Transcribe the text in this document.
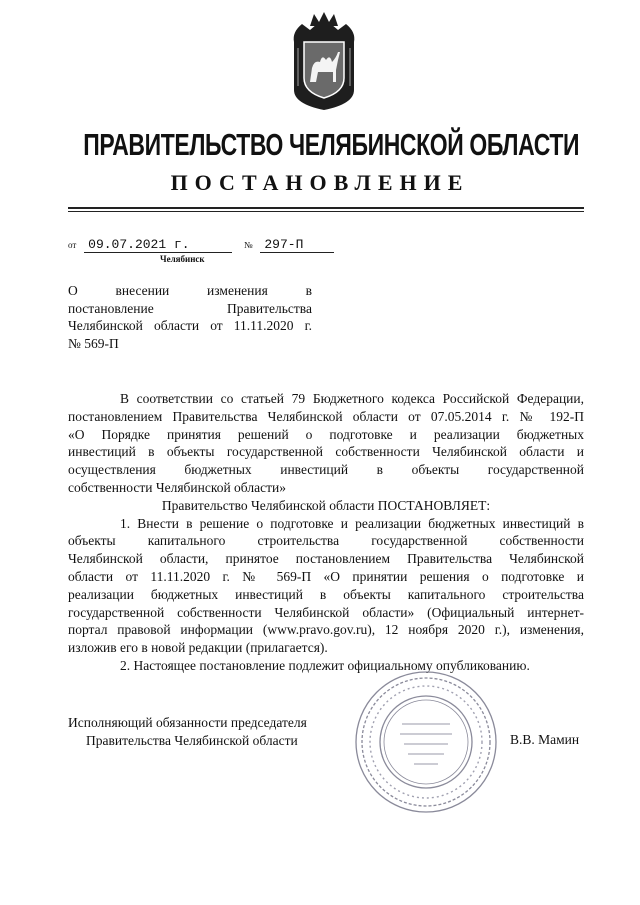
ПРАВИТЕЛЬСТВО ЧЕЛЯБИНСКОЙ ОБЛАСТИ
ПОСТАНОВЛЕНИЕ
от 09.07.2021 г.	№ 297-П
Челябинск
О внесении изменения в
постановление Правительства
Челябинской области от 11.11.2020 г.
№ 569-П

В соответствии со статьей 79 Бюджетного кодекса Российской Федерации,

постановлением Правительства Челябинской области от 07.05.2014 г. № 192-П

«О Порядке принятия решений о подготовке и реализации бюджетных

инвестиций в объекты государственной собственности Челябинской области и

осуществления бюджетных инвестиций в объекты государственной

собственности Челябинской области»

Правительство Челябинской области ПОСТАНОВЛЯЕТ:

1. Внести в решение о подготовке и реализации бюджетных инвестиций в

объекты капитального строительства государственной собственности

Челябинской области, принятое постановлением Правительства Челябинской

области от 11.11.2020 г. № 569-П «О принятии решения о подготовке и

реализации бюджетных инвестиций в объекты капитального строительства

государственной собственности Челябинской области» (Официальный интернет-

портал правовой информации (www.pravo.gov.ru), 12 ноября 2020 г.), изменения,

изложив его в новой редакции (прилагается).

2. Настоящее постановление подлежит официальному опубликованию.

Исполняющий обязанности председателя
Правительства Челябинской области	В.В. Мамин
